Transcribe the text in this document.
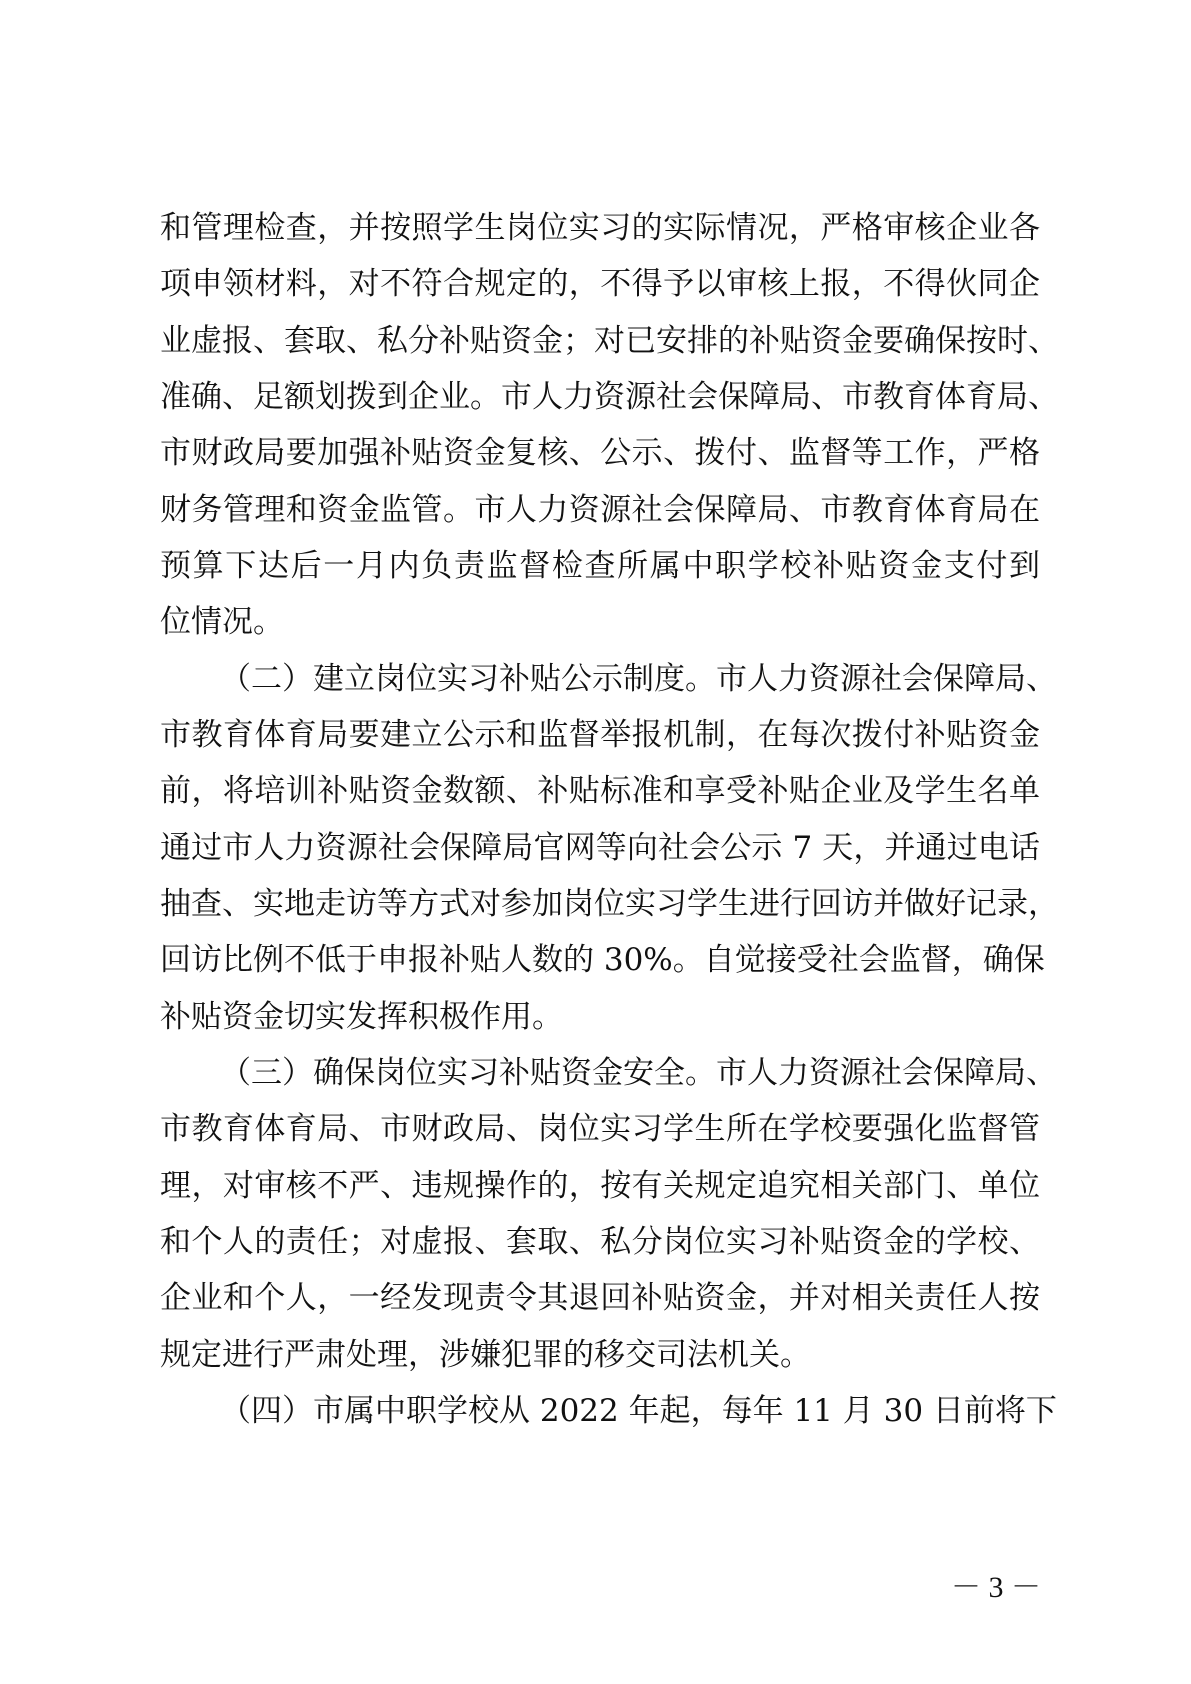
和管理检查，并按照学生岗位实习的实际情况，严格审核企业各
项申领材料，对不符合规定的，不得予以审核上报，不得伙同企
业虚报、套取、私分补贴资金；对已安排的补贴资金要确保按时、
准确、足额划拨到企业。市人力资源社会保障局、市教育体育局、
市财政局要加强补贴资金复核、公示、拨付、监督等工作，严格
财务管理和资金监管。市人力资源社会保障局、市教育体育局在
预算下达后一月内负责监督检查所属中职学校补贴资金支付到
位情况。
（二）建立岗位实习补贴公示制度。市人力资源社会保障局、
市教育体育局要建立公示和监督举报机制，在每次拨付补贴资金
前，将培训补贴资金数额、补贴标准和享受补贴企业及学生名单
通过市人力资源社会保障局官网等向社会公示 7 天，并通过电话
抽查、实地走访等方式对参加岗位实习学生进行回访并做好记录，
回访比例不低于申报补贴人数的 30%。自觉接受社会监督，确保
补贴资金切实发挥积极作用。
（三）确保岗位实习补贴资金安全。市人力资源社会保障局、
市教育体育局、市财政局、岗位实习学生所在学校要强化监督管
理，对审核不严、违规操作的，按有关规定追究相关部门、单位
和个人的责任；对虚报、套取、私分岗位实习补贴资金的学校、
企业和个人，一经发现责令其退回补贴资金，并对相关责任人按
规定进行严肃处理，涉嫌犯罪的移交司法机关。
（四）市属中职学校从 2022 年起，每年 11 月 30 日前将下
－ 3 －
